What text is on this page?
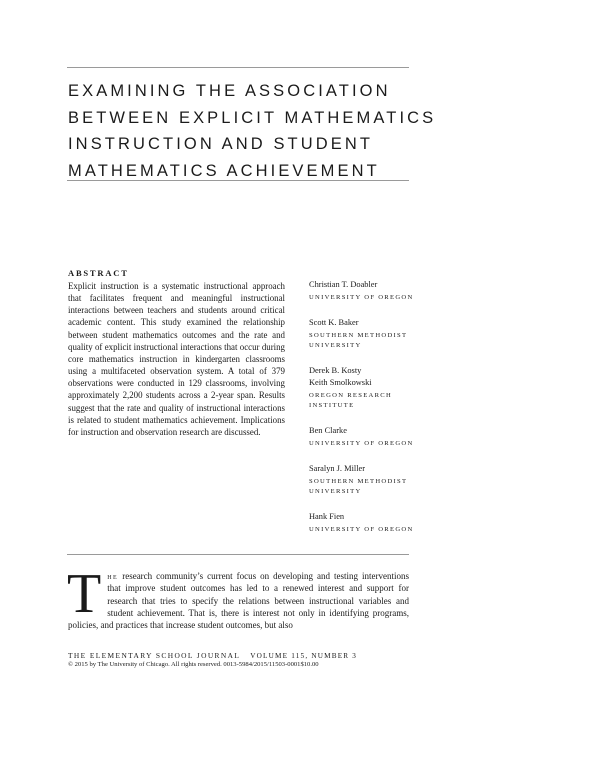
EXAMINING THE ASSOCIATION
BETWEEN EXPLICIT MATHEMATICS
INSTRUCTION AND STUDENT
MATHEMATICS ACHIEVEMENT
ABSTRACT
Explicit instruction is a systematic instructional approach that facilitates frequent and meaningful instructional interactions between teachers and students around critical academic content. This study examined the relationship between student mathematics outcomes and the rate and quality of explicit instructional interactions that occur during core mathematics instruction in kindergarten classrooms using a multifaceted observation system. A total of 379 observations were conducted in 129 classrooms, involving approximately 2,200 students across a 2-year span. Results suggest that the rate and quality of instructional interactions is related to student mathematics achievement. Implications for instruction and observation research are discussed.
Christian T. Doabler
UNIVERSITY OF OREGON
Scott K. Baker
SOUTHERN METHODIST UNIVERSITY
Derek B. Kosty
Keith Smolkowski
OREGON RESEARCH INSTITUTE
Ben Clarke
UNIVERSITY OF OREGON
Saralyn J. Miller
SOUTHERN METHODIST UNIVERSITY
Hank Fien
UNIVERSITY OF OREGON
The research community’s current focus on developing and testing interventions that improve student outcomes has led to a renewed interest and support for research that tries to specify the relations between instructional variables and student achievement. That is, there is interest not only in identifying programs, policies, and practices that increase student outcomes, but also
THE ELEMENTARY SCHOOL JOURNAL VOLUME 115, NUMBER 3
© 2015 by The University of Chicago. All rights reserved. 0013-5984/2015/11503-0001$10.00
